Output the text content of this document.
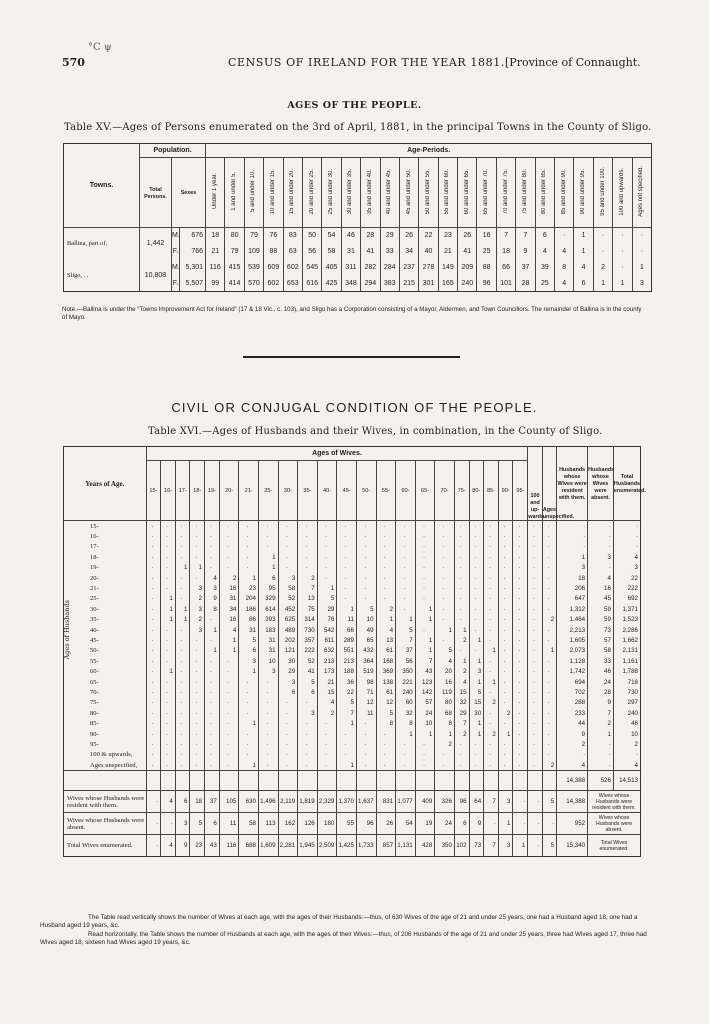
°C ψ
570	CENSUS OF IRELAND FOR THE YEAR 1881. [Province of Connaught.
AGES OF THE PEOPLE.
Table XV.—Ages of Persons enumerated on the 3rd of April, 1881, in the principal Towns in the County of Sligo.
Towns.	Population.			Age-Periods.																						
	Total Persons.	Sexes		Under 1 year.	1 and under 5.	5 and under 10.	10 and under 15.	15 and under 20.	20 and under 25.	25 and under 30.	30 and under 35.	35 and under 40.	40 and under 45.	45 and under 50.	50 and under 55.	55 and under 60.	60 and under 65.	65 and under 70.	70 and under 75.	75 and under 80.	80 and under 85.	85 and under 90.	90 and under 95.	95 and under 100.	100 and upwards.	Ages not specified.
Ballina, part of,	1,442	M.	676	18	80	79	76	83	50	54	46	28	29	26	22	23	26	16	7	7	6	·	1	·	·	·
		F.	766	21	79	109	88	63	56	58	31	41	33	34	40	21	41	25	18	9	4	4	1	·	·	·
Sligo, . .	10,808	M.	5,301	116	415	539	609	602	545	405	311	282	284	237	278	149	209	88	66	37	39	8	4	2	·	1
		F.	5,507	99	414	570	602	653	616	425	348	294	383	215	301	165	240	96	101	28	25	4	6	1	1	3
Note.—Ballina is under the “Towns Improvement Act for Ireland” (17 & 18 Vic., c. 103), and Sligo has a Corporation consisting of a Mayor, Aldermen, and Town Councillors. The remainder of Ballina is in the county of Mayo.
CIVIL OR CONJUGAL CONDITION OF THE PEOPLE.
Table XVI.—Ages of Husbands and their Wives, in combination, in the County of Sligo.
Years of Age.	Ages of Wives.																						100 and up-wards.	Ages unspecified.	Husbands whose Wives were resident with them.	Husbands whose Wives were absent.	Total Husbands enumerated.
	15-	16-	17-	18-	19-	20-	21-	25-	30-	35-	40-	45-	50-	55-	60-	65-	70-	75-	80-	85-	90-	95-					
15-	·	·	·	·	·	·	·	·	·	·	·	·	·	·	·	·	·	·	·	·	·	·	·	·	·	·	·
16-	·	·	·	·	·	·	·	·	·	·	·	·	·	·	·	·	·	·	·	·	·	·	·	·	·	·	·
17-	·	·	·	·	·	·	·	·	·	·	·	·	·	·	·	·	·	·	·	·	·	·	·	·	·	·	·
18-	·	·	·	·	·	·	·	1	·	·	·	·	·	·	·	·	·	·	·	·	·	·	·	·	1	3	4
19-	·	·	1	1	·	·	·	1	·	·	·	·	·	·	·	·	·	·	·	·	·	·	·	·	3	·	3
20-	·	·	·	·	4	2	1	6	3	2	·	·	·	·	·	·	·	·	·	·	·	·	·	·	18	4	22
21-	·	·	·	3	3	16	23	95	58	7	1	·	·	·	·	·	·	·	·	·	·	·	·	·	206	16	222
25-	·	1	·	2	9	31	204	329	52	13	5	·	·	·	·	·	·	·	·	·	·	·	·	·	647	45	692
30-	·	1	1	3	8	34	186	614	452	75	29	1	5	2	·	1	·	·	·	·	·	·	·	·	1,312	59	1,371
35-	·	1	1	2	·	16	86	393	625	314	76	11	10	1	1	1	·	·	·	·	·	·	·	2	1,464	59	1,523
40-	·	·	·	3	1	4	31	183	489	730	542	66	49	4	5	·	1	1	·	·	·	·	·	·	2,213	73	2,286
45-	·	·	·	·	·	1	5	31	202	357	611	289	65	13	7	1	·	2	1	·	·	·	·	·	1,605	57	1,662
50-	·	·	·	·	1	1	6	31	121	222	632	551	432	61	37	1	5	·	·	1	·	·	·	1	2,073	58	2,131
55-	·	·	·	·	·	·	3	10	30	52	213	213	364	168	56	7	4	1	1	·	·	·	·	·	1,128	33	1,161
60-	·	1	·	·	·	·	1	3	29	41	173	188	519	369	350	43	20	2	3	·	·	·	·	·	1,742	46	1,788
65-	·	·	·	·	·	·	·	·	3	5	21	36	98	138	221	123	16	4	1	1	·	·	·	·	694	24	718
70-	·	·	·	·	·	·	·	·	6	6	15	22	71	61	240	142	119	15	5	·	·	·	·	·	702	28	730
75-	·	·	·	·	·	·	·	·	·	·	4	5	12	12	60	57	80	32	15	2	·	·	·	·	288	9	297
80-	·	·	·	·	·	·	·	·	·	3	2	7	11	5	32	24	68	29	30	·	2	·	·	·	233	7	240
85-	·	·	·	·	·	·	1	·	·	·	·	1	·	8	8	10	8	7	1	·	·	·	·	·	44	2	46
90-	·	·	·	·	·	·	·	·	·	·	·	·	·	·	1	1	1	2	1	2	1	·	·	·	9	1	10
95-	·	·	·	·	·	·	·	·	·	·	·	·	·	·	·	·	2	·	·	·	·	·	·	·	2	·	2
100 & upwards,	·	·	·	·	·	·	·	·	·	·	·	·	·	·	·	·	·	·	·	·	·	·	·	·	·	·	·
Ages unspecified,	·	·	·	·	·	·	1	·	·	·	·	1	·	·	·	·	·	·	·	·	·	·	·	2	4	·	4
																									14,388	526	14,513
Wives whose Husbands were resident with them.	·	4	6	18	37	105	630	1,496	2,119	1,819	2,329	1,370	1,637	831	1,077	409	326	96	64	7	3	·	·	5	14,388	Wives whose Husbands were resident with them.	
Wives whose Husbands were absent.	·	·	3	5	6	11	58	113	162	126	180	55	96	26	54	19	24	6	9	·	1	·	·	·	952	Wives whose Husbands were absent.	
Total Wives enumerated.	·	4	9	23	43	116	688	1,609	2,281	1,945	2,509	1,425	1,733	857	1,131	428	350	102	73	7	3	1	·	5	15,340	Total Wives enumerated.	
The Table read vertically shows the number of Wives at each age, with the ages of their Husbands:—thus, of 630 Wives of the age of 21 and under 25 years, one had a Husband aged 18, one had a Husband aged 19 years, &c.
Read horizontally, the Table shows the number of Husbands at each age, with the ages of their Wives:—thus, of 206 Husbands of the age of 21 and under 25 years, three had Wives aged 17, three had Wives aged 18, sixteen had Wives aged 19 years, &c.
Ages of Husbands
